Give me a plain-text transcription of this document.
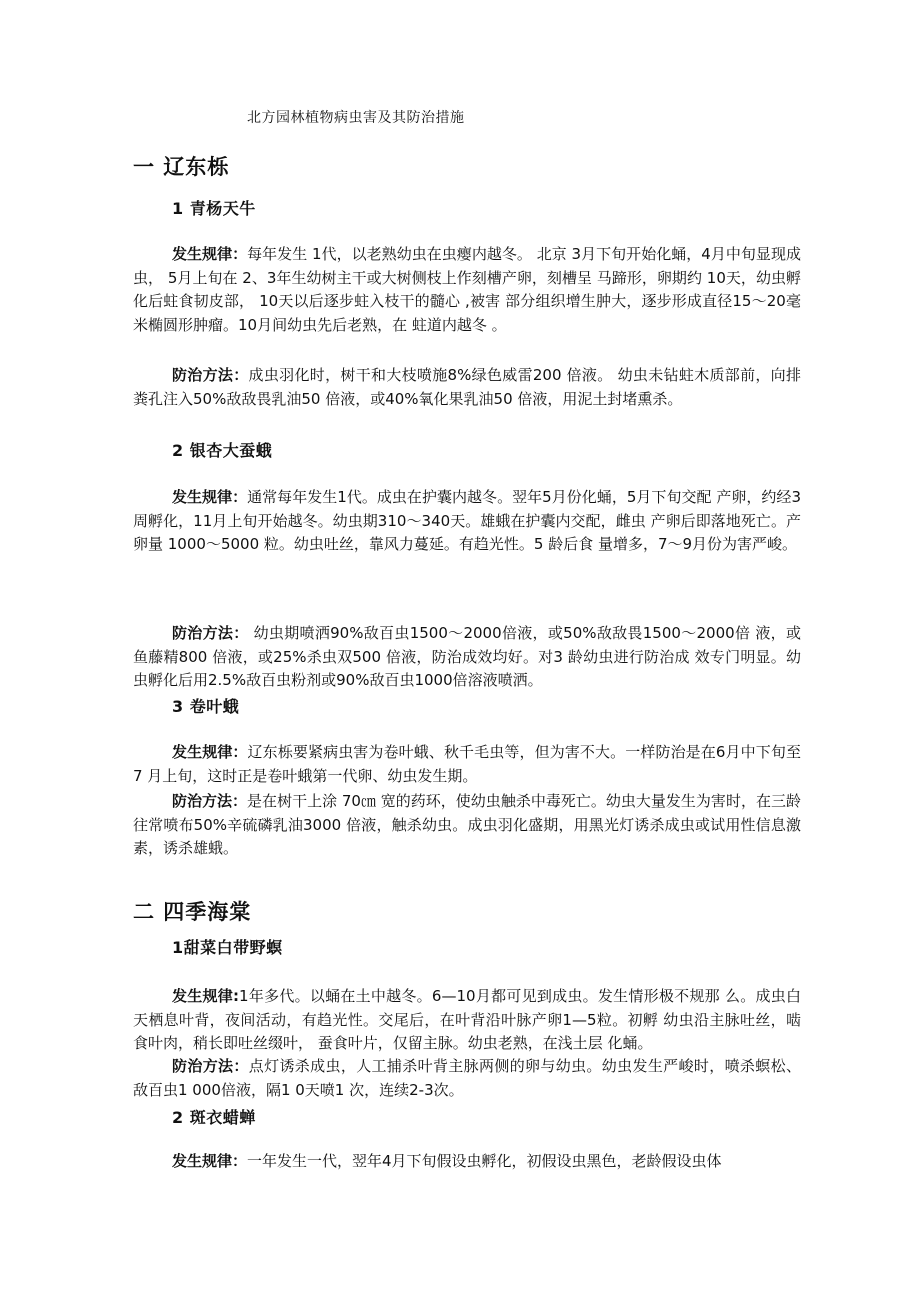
北方园林植物病虫害及其防治措施
一 辽东栎
1 青杨天牛
发生规律：每年发生 1代，以老熟幼虫在虫瘿内越冬。 北京 3月下旬开始化蛹，4月中旬显现成虫， 5月上旬在 2、3年生幼树主干或大树侧枝上作刻槽产卵，刻槽呈 马蹄形，卵期约 10天，幼虫孵化后蛀食韧皮部， 10天以后逐步蛀入枝干的髓心 ,被害 部分组织增生肿大，逐步形成直径15～20毫米椭圆形肿瘤。10月间幼虫先后老熟，在 蛀道内越冬 。
防治方法：成虫羽化时，树干和大枝喷施8%绿色威雷200 倍液。 幼虫未钻蛀木质部前，向排粪孔注入50%敌敌畏乳油50 倍液，或40%氧化果乳油50 倍液，用泥土封堵熏杀。
2 银杏大蚕蛾
发生规律：通常每年发生1代。成虫在护囊内越冬。翌年5月份化蛹，5月下旬交配 产卵，约经3周孵化，11月上旬开始越冬。幼虫期310～340天。雄蛾在护囊内交配，雌虫 产卵后即落地死亡。产卵量 1000～5000 粒。幼虫吐丝，靠风力蔓延。有趋光性。5 龄后食 量增多，7～9月份为害严峻。
防治方法： 幼虫期喷洒90%敌百虫1500～2000倍液，或50%敌敌畏1500～2000倍 液，或鱼藤精800 倍液，或25%杀虫双500 倍液，防治成效均好。对3 龄幼虫进行防治成 效专门明显。幼虫孵化后用2.5%敌百虫粉剂或90%敌百虫1000倍溶液喷洒。
3 卷叶蛾
发生规律：辽东栎要紧病虫害为卷叶蛾、秋千毛虫等，但为害不大。一样防治是在6月中下旬至 7 月上旬，这时正是卷叶蛾第一代卵、幼虫发生期。
防治方法：是在树干上涂 70㎝ 宽的药环，使幼虫触杀中毒死亡。幼虫大量发生为害时，在三龄往常喷布50%辛硫磷乳油3000 倍液，触杀幼虫。成虫羽化盛期，用黑光灯诱杀成虫或试用性信息激素，诱杀雄蛾。
二 四季海棠
1甜菜白带野螟
发生规律:1年多代。以蛹在土中越冬。6—10月都可见到成虫。发生情形极不规那 么。成虫白天栖息叶背，夜间活动，有趋光性。交尾后，在叶背沿叶脉产卵1—5粒。初孵 幼虫沿主脉吐丝，啮食叶肉，稍长即吐丝缀叶， 蚕食叶片，仅留主脉。幼虫老熟，在浅土层 化蛹。
防治方法：点灯诱杀成虫，人工捕杀叶背主脉两侧的卵与幼虫。幼虫发生严峻时，喷杀螟松、敌百虫1 000倍液，隔1 0天喷1 次，连续2-3次。
2 斑衣蜡蝉
发生规律：一年发生一代，翌年4月下旬假设虫孵化，初假设虫黑色，老龄假设虫体
